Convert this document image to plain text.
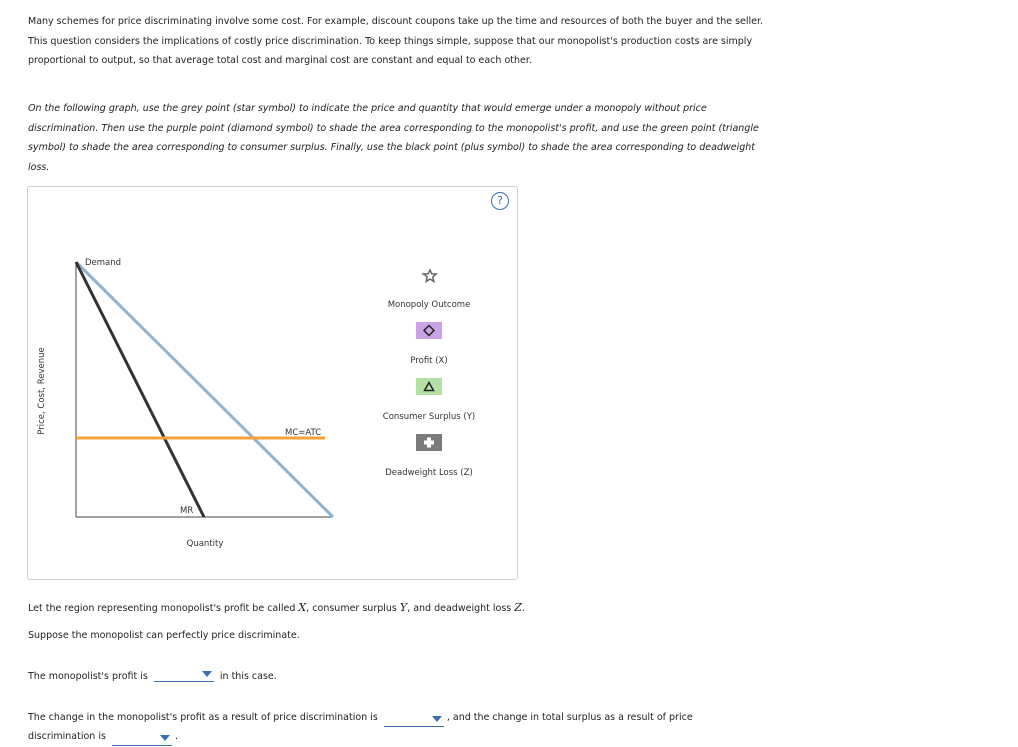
Many schemes for price discriminating involve some cost. For example, discount coupons take up the time and resources of both the buyer and the seller. This question considers the implications of costly price discrimination. To keep things simple, suppose that our monopolist's production costs are simply proportional to output, so that average total cost and marginal cost are constant and equal to each other.

On the following graph, use the grey point (star symbol) to indicate the price and quantity that would emerge under a monopoly without price discrimination. Then use the purple point (diamond symbol) to shade the area corresponding to the monopolist's profit, and use the green point (triangle symbol) to shade the area corresponding to consumer surplus. Finally, use the black point (plus symbol) to shade the area corresponding to deadweight loss.

?
Demand
MR
MC=ATC
Quantity
Price, Cost, Revenue
Monopoly Outcome
Profit (X)
Consumer Surplus (Y)
Deadweight Loss (Z)

Let the region representing monopolist's profit be called X, consumer surplus Y, and deadweight loss Z.

Suppose the monopolist can perfectly price discriminate.

The monopolist's profit is	in this case.

The change in the monopolist's profit as a result of price discrimination is	, and the change in total surplus as a result of price
discrimination is	.
